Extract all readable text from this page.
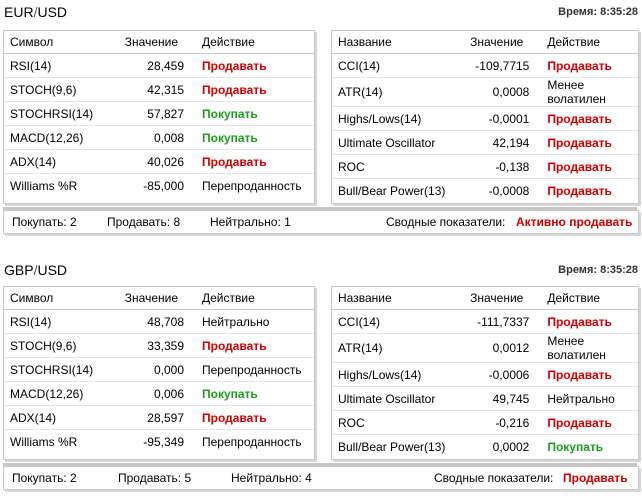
EUR/USD	Время: 8:35:28
Символ	Значение	Действие
RSI(14)	28,459	Продавать
STOCH(9,6)	42,315	Продавать
STOCHRSI(14)	57,827	Покупать
MACD(12,26)	0,008	Покупать
ADX(14)	40,026	Продавать
Williams %R	-85,000	Перепроданность
Название	Значение	Действие
CCI(14)	-109,7715	Продавать
ATR(14)	0,0008	Менее волатилен
Highs/Lows(14)	-0,0001	Продавать
Ultimate Oscillator	42,194	Продавать
ROC	-0,138	Продавать
Bull/Bear Power(13)	-0,0008	Продавать
Покупать: 2	Продавать: 8 Нейтрально: 1	Сводные показатели: Активно продавать
GBP/USD	Время: 8:35:28
Символ	Значение	Действие
RSI(14)	48,708	Нейтрально
STOCH(9,6)	33,359	Продавать
STOCHRSI(14)	0,000	Перепроданность
MACD(12,26)	0,006	Покупать
ADX(14)	28,597	Продавать
Williams %R	-95,349	Перепроданность
Название	Значение	Действие
CCI(14)	-111,7337	Продавать
ATR(14)	0,0012	Менее волатилен
Highs/Lows(14)	-0,0006	Продавать
Ultimate Oscillator	49,745	Нейтрально
ROC	-0,216	Продавать
Bull/Bear Power(13)	0,0002	Покупать
Покупать: 2	Продавать: 5	Нейтрально: 4	Сводные показатели: Продавать
